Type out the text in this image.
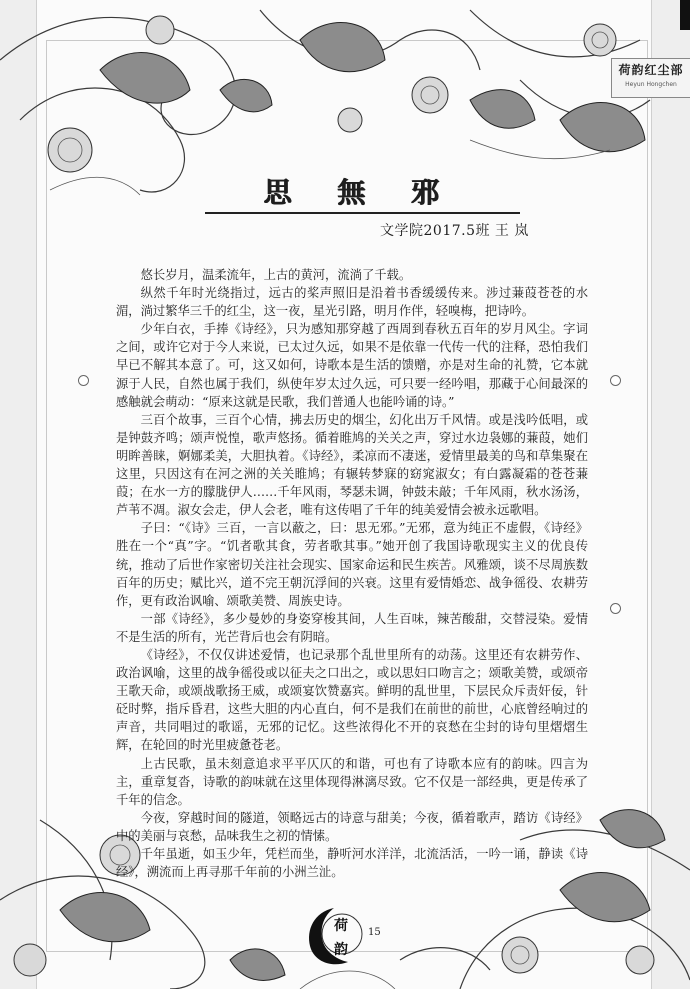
荷韵红尘部
Heyun Hongchen
思 無 邪
文学院2017.5班 王 岚

悠长岁月，温柔流年，上古的黄河，流淌了千载。

纵然千年时光绕指过，远古的桨声照旧是沿着书香缓缓传来。涉过蒹葭苍苍的水湄，淌过繁华三千的红尘，这一夜，星光引路，明月作伴，轻嗅梅，把诗吟。

少年白衣，手捧《诗经》，只为感知那穿越了西周到春秋五百年的岁月风尘。字词之间，或许它对于今人来说，已太过久远，如果不是依靠一代传一代的注释，恐怕我们早已不解其本意了。可，这又如何，诗歌本是生活的馈赠，亦是对生命的礼赞，它本就源于人民，自然也属于我们，纵使年岁太过久远，可只要一经吟唱，那藏于心间最深的感触就会萌动：“原来这就是民歌，我们普通人也能吟诵的诗。”

三百个故事，三百个心情，拂去历史的烟尘，幻化出万千风情。或是浅吟低唱，或是钟鼓齐鸣；颂声悦惶，歌声悠扬。循着睢鸠的关关之声，穿过水边袅娜的蒹葭，她们明眸善睐，婀娜柔美，大胆执着。《诗经》，柔凉而不凄迷，爱情里最美的鸟和草集聚在这里，只因这有在河之洲的关关睢鸠；有辗转梦寐的窈窕淑女；有白露凝霜的苍苍蒹葭；在水一方的朦胧伊人……千年风雨，琴瑟未调，钟鼓未敲；千年风雨，秋水汤汤，芦苇不凋。淑女会走，伊人会老，唯有这传唱了千年的纯美爱情会被永远歌唱。

子曰：“《诗》三百，一言以蔽之，曰：思无邪。”无邪，意为纯正不虚假，《诗经》胜在一个“真”字。“饥者歌其食，劳者歌其事。”她开创了我国诗歌现实主义的优良传统，推动了后世作家密切关注社会现实、国家命运和民生疾苦。风雅颂，谈不尽周族数百年的历史；赋比兴，道不完王朝沉浮间的兴衰。这里有爱情婚恋、战争徭役、农耕劳作，更有政治讽喻、颂歌美赞、周族史诗。

一部《诗经》，多少曼妙的身姿穿梭其间，人生百味，辣苦酸甜，交替浸染。爱情不是生活的所有，光芒背后也会有阴暗。

《诗经》，不仅仅讲述爱情，也记录那个乱世里所有的动荡。这里还有农耕劳作、政治讽喻，这里的战争徭役或以征夫之口出之，或以思妇口吻言之；颂歌美赞，或颂帝王歌天命，或颂战歌扬王威，或颂宴饮赞嘉宾。鲜明的乱世里，下层民众斥责奸佞，针砭时弊，指斥昏君，这些大胆的内心直白，何不是我们在前世的前世，心底曾经响过的声音，共同唱过的歌谣，无邪的记忆。这些浓得化不开的哀愁在尘封的诗句里熠熠生辉，在轮回的时光里疲惫苍老。

上古民歌，虽未刻意追求平平仄仄的和谐，可也有了诗歌本应有的韵味。四言为主，重章复沓，诗歌的韵味就在这里体现得淋漓尽致。它不仅是一部经典，更是传承了千年的信念。

今夜，穿越时间的隧道，领略远古的诗意与甜美；今夜，循着歌声，踏访《诗经》中的美丽与哀愁，品味我生之初的情愫。

千年虽逝，如玉少年，凭栏而坐，静听河水洋洋，北流活活，一吟一诵，静读《诗经》，溯流而上再寻那千年前的小洲兰沚。

荷
韵
15
